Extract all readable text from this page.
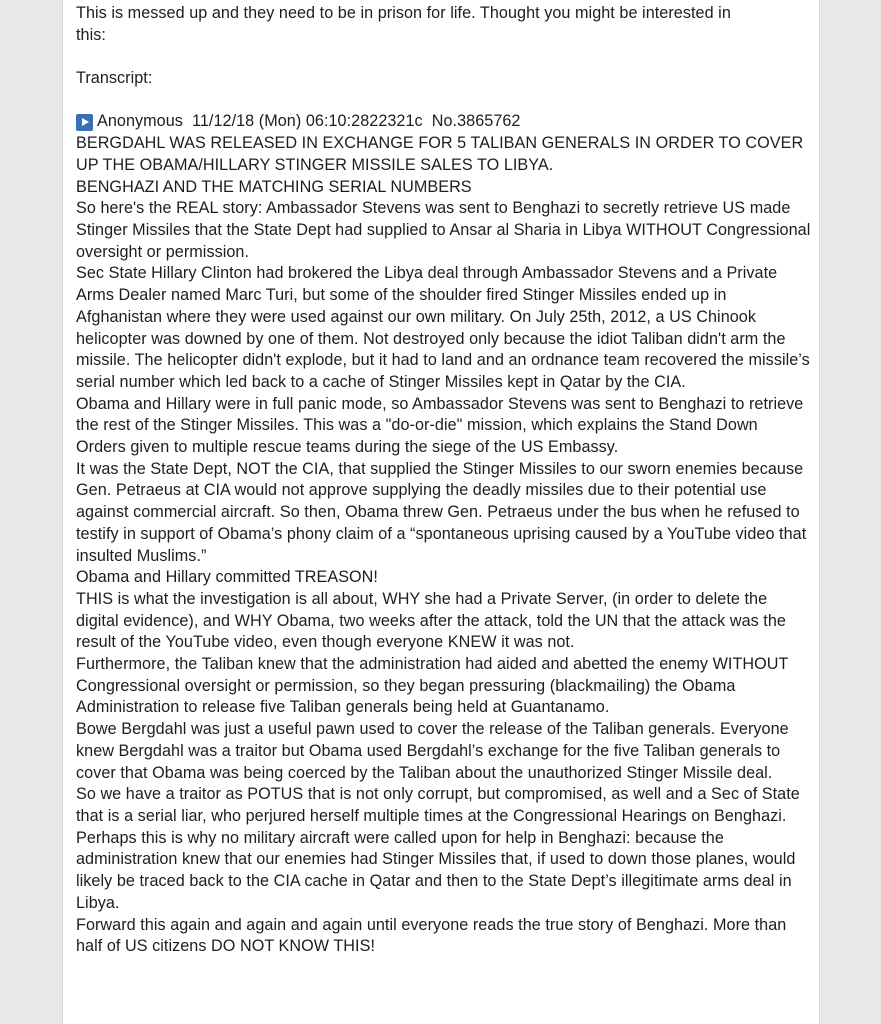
This is messed up and they need to be in prison for life. Thought you might be interested in
this:

Transcript:

Anonymous  11/12/18 (Mon) 06:10:2822321c  No.3865762

BERGDAHL WAS RELEASED IN EXCHANGE FOR 5 TALIBAN GENERALS IN ORDER TO COVER UP THE OBAMA/HILLARY STINGER MISSILE SALES TO LIBYA.

BENGHAZI AND THE MATCHING SERIAL NUMBERS

So here's the REAL story: Ambassador Stevens was sent to Benghazi to secretly retrieve US made Stinger Missiles that the State Dept had supplied to Ansar al Sharia in Libya WITHOUT Congressional oversight or permission.

Sec State Hillary Clinton had brokered the Libya deal through Ambassador Stevens and a Private Arms Dealer named Marc Turi, but some of the shoulder fired Stinger Missiles ended up in Afghanistan where they were used against our own military. On July 25th, 2012, a US Chinook helicopter was downed by one of them. Not destroyed only because the idiot Taliban didn't arm the missile. The helicopter didn't explode, but it had to land and an ordnance team recovered the missile’s serial number which led back to a cache of Stinger Missiles kept in Qatar by the CIA.

Obama and Hillary were in full panic mode, so Ambassador Stevens was sent to Benghazi to retrieve the rest of the Stinger Missiles. This was a "do-or-die" mission, which explains the Stand Down Orders given to multiple rescue teams during the siege of the US Embassy.

It was the State Dept, NOT the CIA, that supplied the Stinger Missiles to our sworn enemies because Gen. Petraeus at CIA would not approve supplying the deadly missiles due to their potential use against commercial aircraft. So then, Obama threw Gen. Petraeus under the bus when he refused to testify in support of Obama’s phony claim of a “spontaneous uprising caused by a YouTube video that insulted Muslims.”

Obama and Hillary committed TREASON!

THIS is what the investigation is all about, WHY she had a Private Server, (in order to delete the digital evidence), and WHY Obama, two weeks after the attack, told the UN that the attack was the result of the YouTube video, even though everyone KNEW it was not.

Furthermore, the Taliban knew that the administration had aided and abetted the enemy WITHOUT Congressional oversight or permission, so they began pressuring (blackmailing) the Obama Administration to release five Taliban generals being held at Guantanamo.

Bowe Bergdahl was just a useful pawn used to cover the release of the Taliban generals. Everyone knew Bergdahl was a traitor but Obama used Bergdahl’s exchange for the five Taliban generals to cover that Obama was being coerced by the Taliban about the unauthorized Stinger Missile deal.

So we have a traitor as POTUS that is not only corrupt, but compromised, as well and a Sec of State that is a serial liar, who perjured herself multiple times at the Congressional Hearings on Benghazi. Perhaps this is why no military aircraft were called upon for help in Benghazi: because the administration knew that our enemies had Stinger Missiles that, if used to down those planes, would likely be traced back to the CIA cache in Qatar and then to the State Dept’s illegitimate arms deal in Libya.

Forward this again and again and again until everyone reads the true story of Benghazi. More than half of US citizens DO NOT KNOW THIS!
